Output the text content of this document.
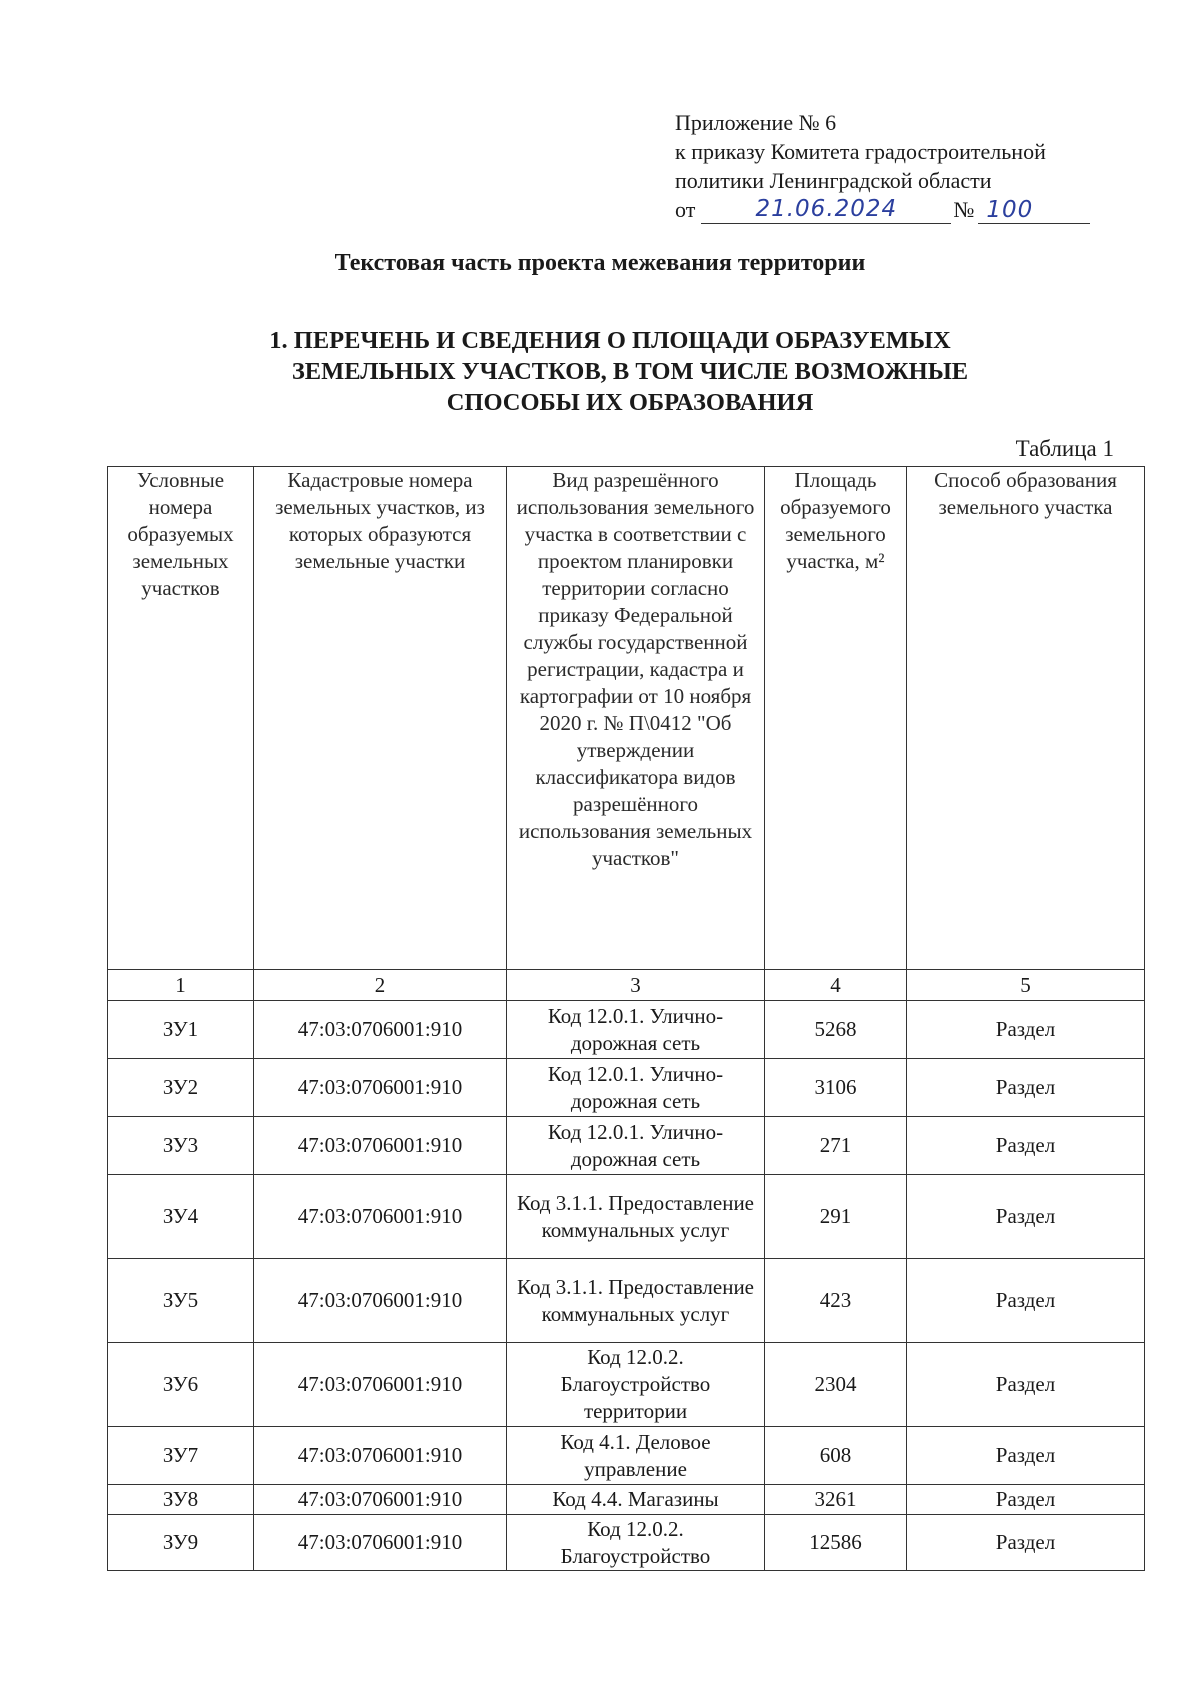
Приложение № 6
к приказу Комитета градостроительной
политики Ленинградской области
от	21.06.2024	№ 100
Текстовая часть проекта межевания территории
1. ПЕРЕЧЕНЬ И СВЕДЕНИЯ О ПЛОЩАДИ ОБРАЗУЕМЫХ
ЗЕМЕЛЬНЫХ УЧАСТКОВ, В ТОМ ЧИСЛЕ ВОЗМОЖНЫЕ
СПОСОБЫ ИХ ОБРАЗОВАНИЯ
Таблица 1
Условные номера образуемых земельных участков	Кадастровые номера земельных участков, из которых образуются земельные участки	Вид разрешённого использования земельного участка в соответствии с проектом планировки территории согласно приказу Федеральной службы государственной регистрации, кадастра и картографии от 10 ноября 2020 г. № П\0412 "Об утверждении классификатора видов разрешённого использования земельных участков"	Площадь образуемого земельного участка, м²	Способ образования земельного участка
1	2	3	4	5
ЗУ1	47:03:0706001:910	Код 12.0.1. Улично-дорожная сеть	5268	Раздел
ЗУ2	47:03:0706001:910	Код 12.0.1. Улично-дорожная сеть	3106	Раздел
ЗУ3	47:03:0706001:910	Код 12.0.1. Улично-дорожная сеть	271	Раздел
ЗУ4	47:03:0706001:910	Код 3.1.1. Предоставление коммунальных услуг	291	Раздел
ЗУ5	47:03:0706001:910	Код 3.1.1. Предоставление коммунальных услуг	423	Раздел
ЗУ6	47:03:0706001:910	Код 12.0.2. Благоустройство территории	2304	Раздел
ЗУ7	47:03:0706001:910	Код 4.1. Деловое управление	608	Раздел
ЗУ8	47:03:0706001:910	Код 4.4. Магазины	3261	Раздел
ЗУ9	47:03:0706001:910	Код 12.0.2. Благоустройство	12586	Раздел
